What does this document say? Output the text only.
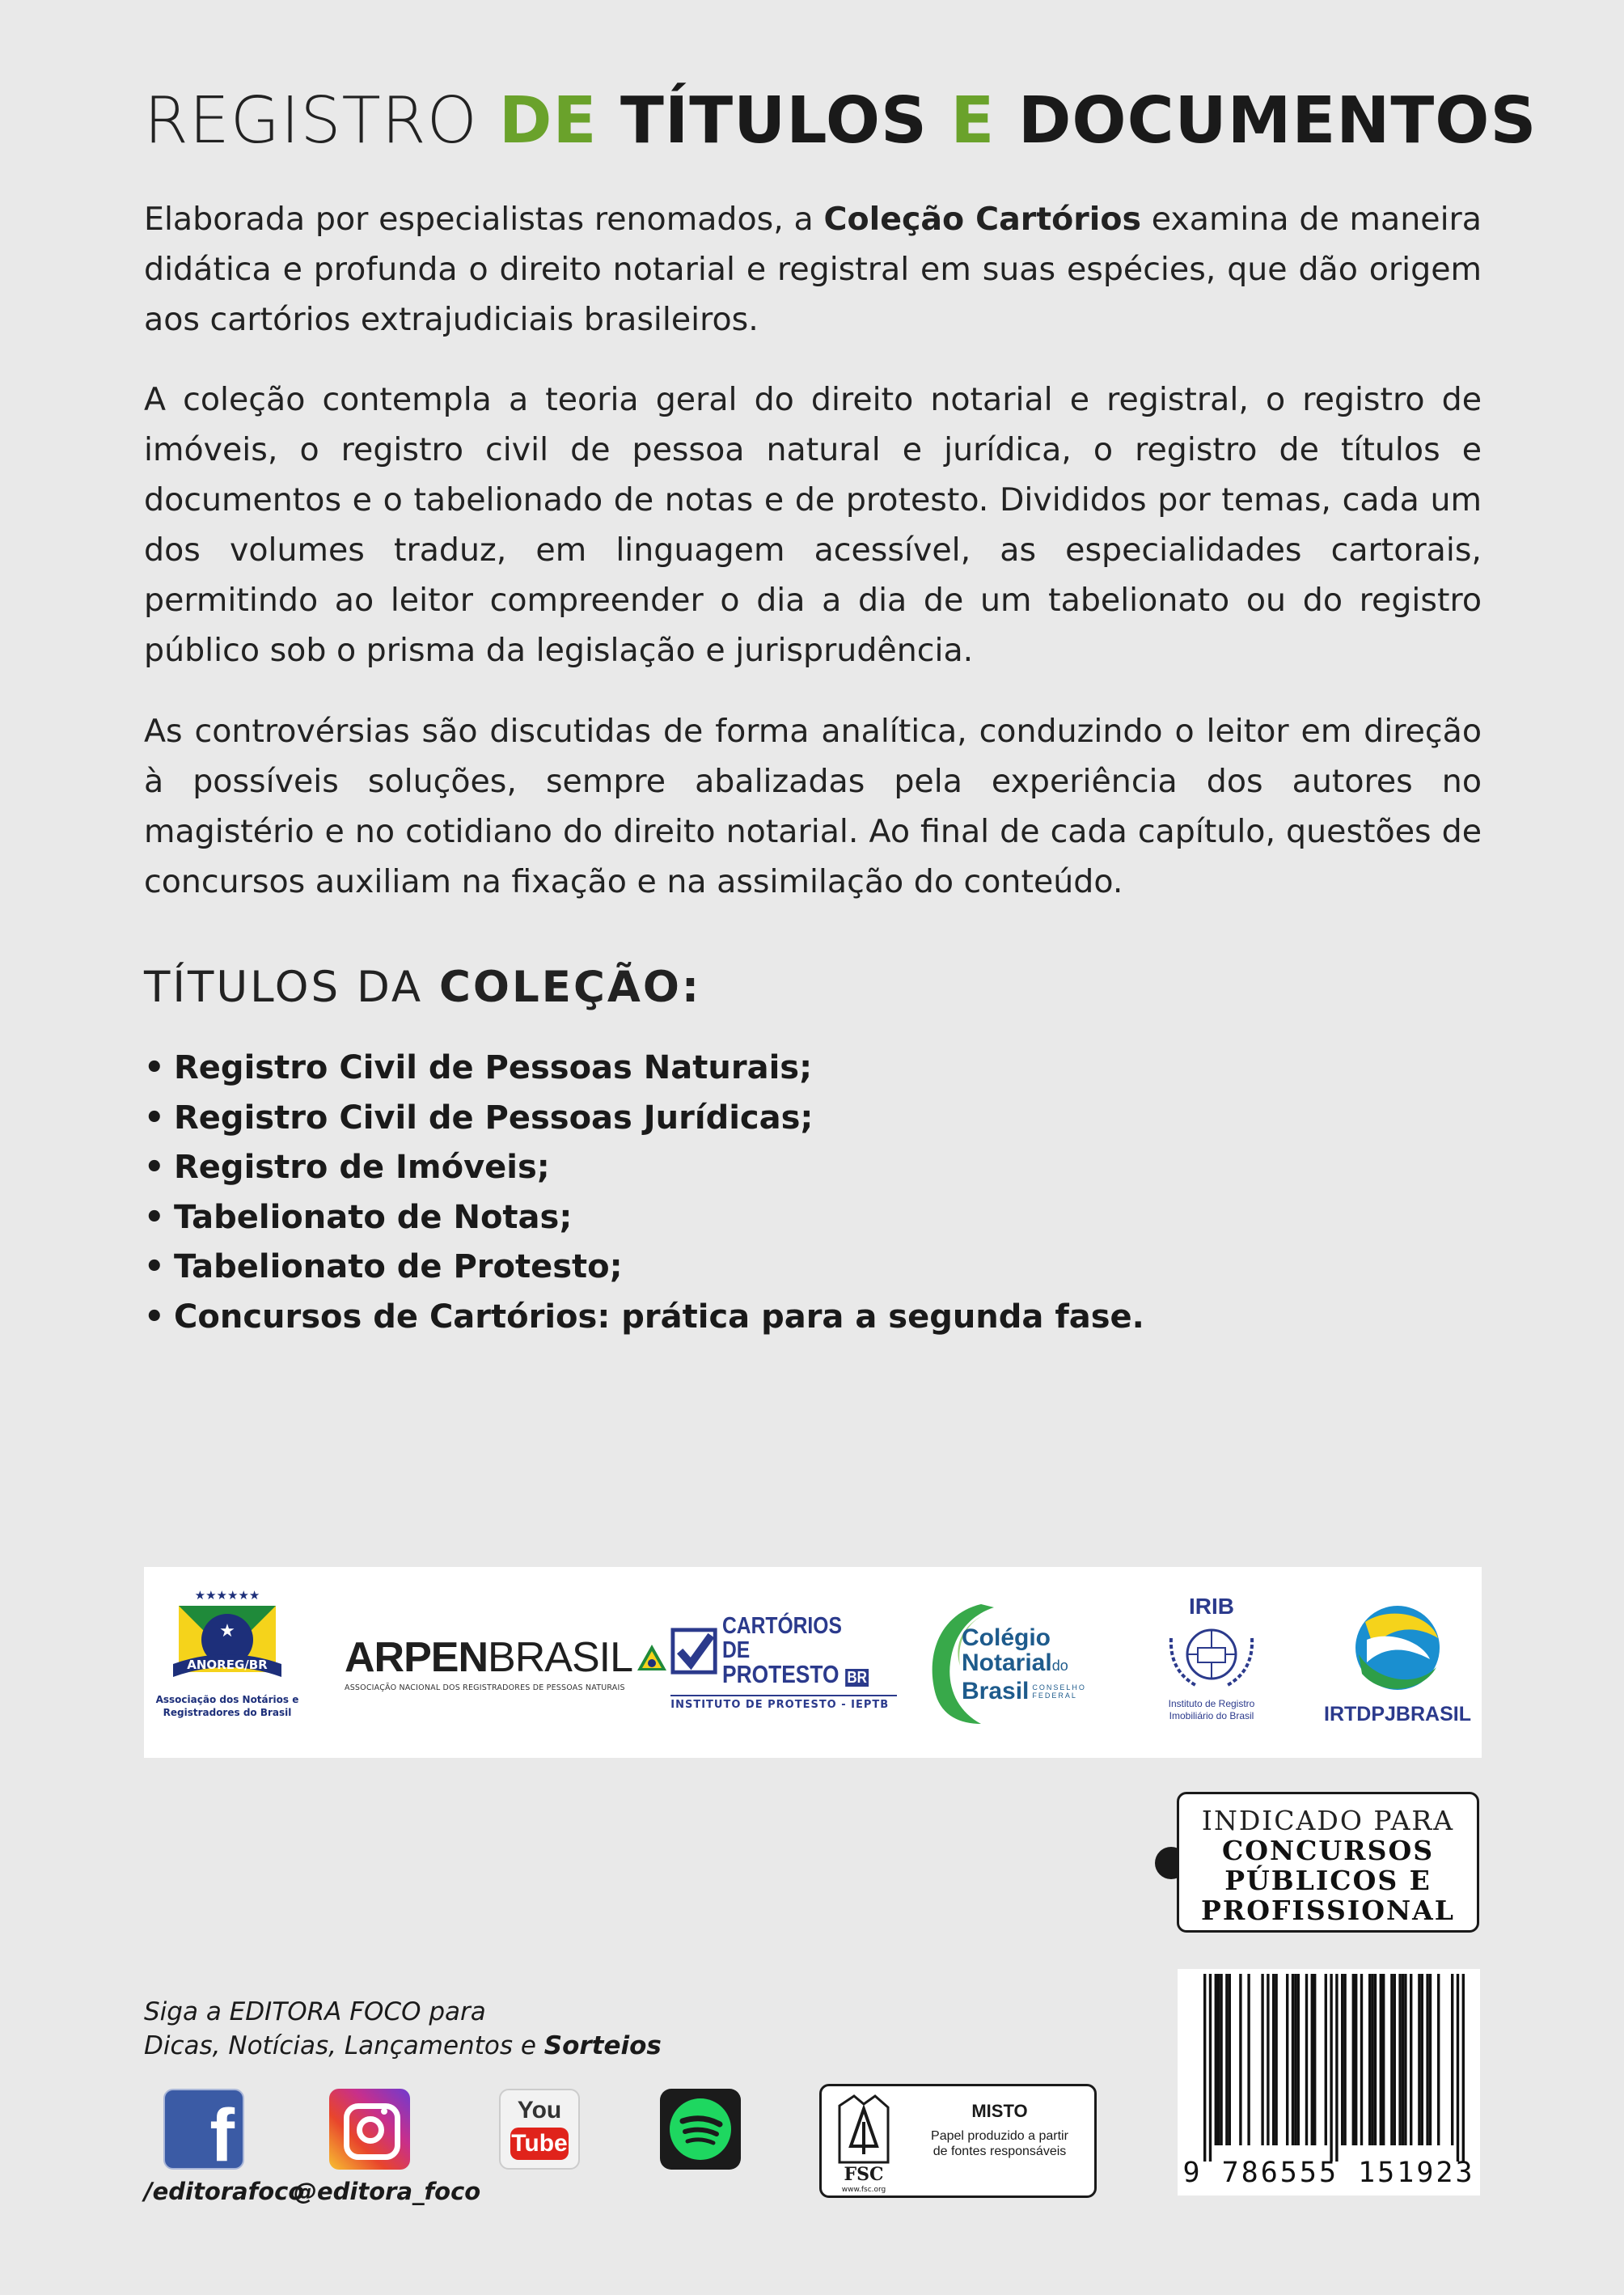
REGISTRO DE TÍTULOS E DOCUMENTOS
Elaborada por especialistas renomados, a Coleção Cartórios examina de maneira didática e profunda o direito notarial e registral em suas espécies, que dão origem aos cartórios extrajudiciais brasileiros.
A coleção contempla a teoria geral do direito notarial e registral, o registro de imóveis, o registro civil de pessoa natural e jurídica, o registro de títulos e documentos e o tabelionado de notas e de protesto. Divididos por temas, cada um dos volumes traduz, em linguagem acessível, as especialidades cartorais, permitindo ao leitor compreender o dia a dia de um tabelionato ou do registro público sob o prisma da legislação e jurisprudência.
As controvérsias são discutidas de forma analítica, conduzindo o leitor em direção à possíveis soluções, sempre abalizadas pela experiência dos autores no magistério e no cotidiano do direito notarial. Ao final de cada capítulo, questões de concursos auxiliam na fixação e na assimilação do conteúdo.
TÍTULOS DA COLEÇÃO:
• Registro Civil de Pessoas Naturais;
• Registro Civil de Pessoas Jurídicas;
• Registro de Imóveis;
• Tabelionato de Notas;
• Tabelionato de Protesto;
• Concursos de Cartórios: prática para a segunda fase.
★★★★★★
★
ANOREG/BR
Associação dos Notários e
Registradores do Brasil
ARPEN BRASIL
ASSOCIAÇÃO NACIONAL DOS REGISTRADORES DE PESSOAS NATURAIS
CARTÓRIOS DE
PROTESTO BR
INSTITUTO DE PROTESTO - IEPTB
Colégio
Notarialdo
Brasil CONSELHO
FEDERAL
IRIB
Instituto de Registro
Imobiliário do Brasil	IRTDPJBRASIL
INDICADO PARA
CONCURSOS
PÚBLICOS E
PROFISSIONAL
9 786555 151923
Siga a EDITORA FOCO para
Dicas, Notícias, Lançamentos e Sorteios
f
/editorafoco
@editora_foco
You
Tube
FSC
www.fsc.org
MISTO
Papel produzido a partir
de fontes responsáveis
